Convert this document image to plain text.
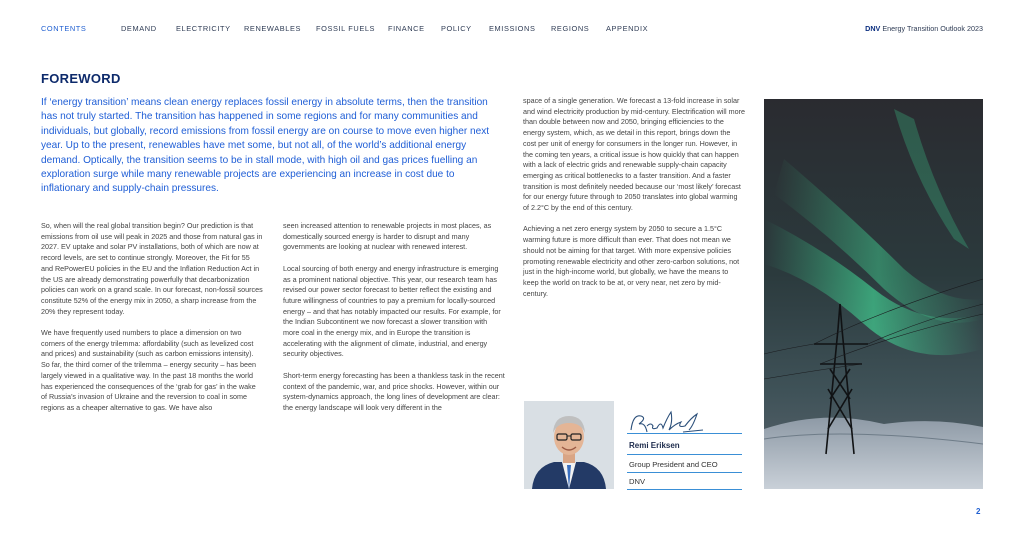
CONTENTS	DEMAND	ELECTRICITY RENEWABLES FOSSIL FUELS FINANCE POLICY EMISSIONS REGIONS APPENDIX	DNV Energy Transition Outlook 2023
FOREWORD
If ‘energy transition’ means clean energy replaces fossil energy in absolute terms, then the transition has not truly started. The transition has happened in some regions and for many communities and individuals, but globally, record emissions from fossil energy are on course to move even higher next year. Up to the present, renewables have met some, but not all, of the world’s additional energy demand. Optically, the transition seems to be in stall mode, with high oil and gas prices fuelling an exploration surge while many renewable projects are experiencing an increase in cost due to inflationary and supply-chain pressures.

So, when will the real global transition begin? Our prediction is that emissions from oil use will peak in 2025 and those from natural gas in 2027. EV uptake and solar PV installations, both of which are now at record levels, are set to continue strongly. Moreover, the Fit for 55 and RePowerEU policies in the EU and the Inflation Reduction Act in the US are already demonstrating powerfully that decarbonization policies can work on a grand scale. In our forecast, non-fossil sources constitute 52% of the energy mix in 2050, a sharp increase from the 20% they represent today.

We have frequently used numbers to place a dimension on two corners of the energy trilemma: affordability (such as levelized cost and prices) and sustainability (such as carbon emissions intensity). So far, the third corner of the trilemma – energy security – has been largely viewed in a qualitative way. In the past 18 months the world has experienced the consequences of the ‘grab for gas’ in the wake of Russia’s invasion of Ukraine and the reversion to coal in some regions as a cheaper alternative to gas. We have also

seen increased attention to renewable projects in most places, as domestically sourced energy is harder to disrupt and many governments are looking at nuclear with renewed interest.

Local sourcing of both energy and energy infrastructure is emerging as a prominent national objective. This year, our research team has revised our power sector forecast to better reflect the existing and future willingness of countries to pay a premium for locally-sourced energy – and that has notably impacted our results. For example, for the Indian Subcontinent we now forecast a slower transition with more coal in the energy mix, and in Europe the transition is accelerating with the alignment of climate, industrial, and energy security objectives.

Short-term energy forecasting has been a thankless task in the recent context of the pandemic, war, and price shocks. However, within our system-dynamics approach, the long lines of development are clear: the energy landscape will look very different in the

space of a single generation. We forecast a 13-fold increase in solar and wind electricity production by mid-century. Electrification will more than double between now and 2050, bringing efficiencies to the energy system, which, as we detail in this report, brings down the cost per unit of energy for consumers in the longer run. However, in the coming ten years, a critical issue is how quickly that can happen with a lack of electric grids and renewable supply-chain capacity emerging as critical bottlenecks to a faster transition. And a faster transition is most definitely needed because our ‘most likely’ forecast for our energy future through to 2050 translates into global warming of 2.2°C by the end of this century.

Achieving a net zero energy system by 2050 to secure a 1.5°C warming future is more difficult than ever. That does not mean we should not be aiming for that target. With more expensive policies promoting renewable electricity and other zero-carbon solutions, not just in the high-income world, but globally, we have the means to keep the world on track to be at, or very near, net zero by mid-century.

Remi Eriksen
Group President and CEO
DNV
2
